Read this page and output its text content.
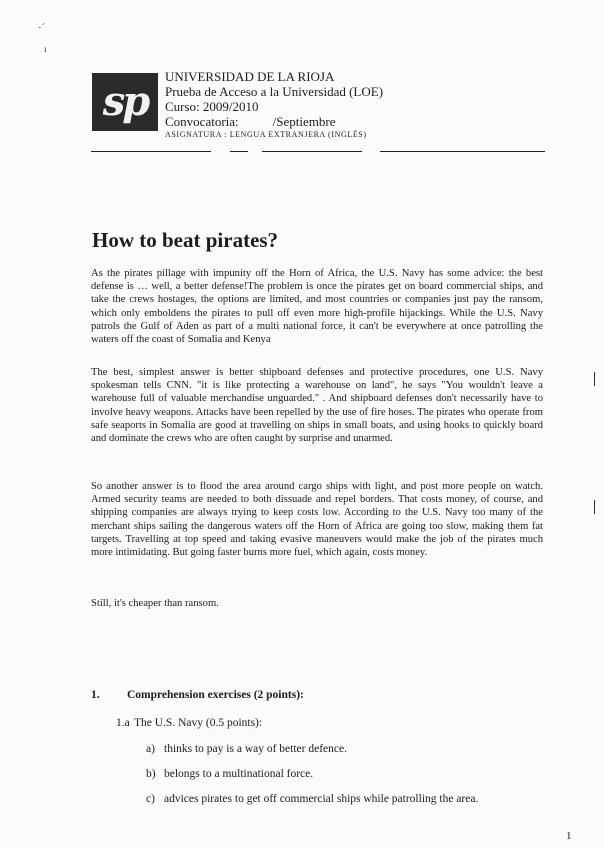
·´
ı
sp
UNIVERSIDAD DE LA RIOJA
Prueba de Acceso a la Universidad (LOE)
Curso: 2009/2010
Convocatoria:	/Septiembre
ASIGNATURA : LENGUA EXTRANJERA (INGLÉS)
How to beat pirates?

As the pirates pillage with impunity off the Horn of Africa, the U.S. Navy has some advice: the best defense is … well, a better defense!The problem is once the pirates get on board commercial ships, and take the crews hostages, the options are limited, and most countries or companies just pay the ransom, which only emboldens the pirates to pull off even more high-profile hijackings. While the U.S. Navy patrols the Gulf of Aden as part of a multi national force, it can't be everywhere at once patrolling the waters off the coast of Somalia and Kenya

The best, simplest answer is better shipboard defenses and protective procedures, one U.S. Navy spokesman tells CNN. "it is like protecting a warehouse on land", he says "You wouldn't leave a warehouse full of valuable merchandise unguarded." . And shipboard defenses don't necessarily have to involve heavy weapons. Attacks have been repelled by the use of fire hoses. The pirates who operate from safe seaports in Somalia are good at travelling on ships in small boats, and using hooks to quickly board and dominate the crews who are often caught by surprise and unarmed.

So another answer is to flood the area around cargo ships with light, and post more people on watch. Armed security teams are needed to both dissuade and repel borders. That costs money, of course, and shipping companies are always trying to keep costs low. According to the U.S. Navy too many of the merchant ships sailing the dangerous waters off the Horn of Africa are going too slow, making them fat targets. Travelling at top speed and taking evasive maneuvers would make the job of the pirates much more intimidating. But going faster burns more fuel, which again, costs money.

Still, it's cheaper than ransom.

1. Comprehension exercises (2 points):
1.a The U.S. Navy (0.5 points):
a) thinks to pay is a way of better defence.
b) belongs to a multinational force.
c) advices pirates to get off commercial ships while patrolling the area.
1
